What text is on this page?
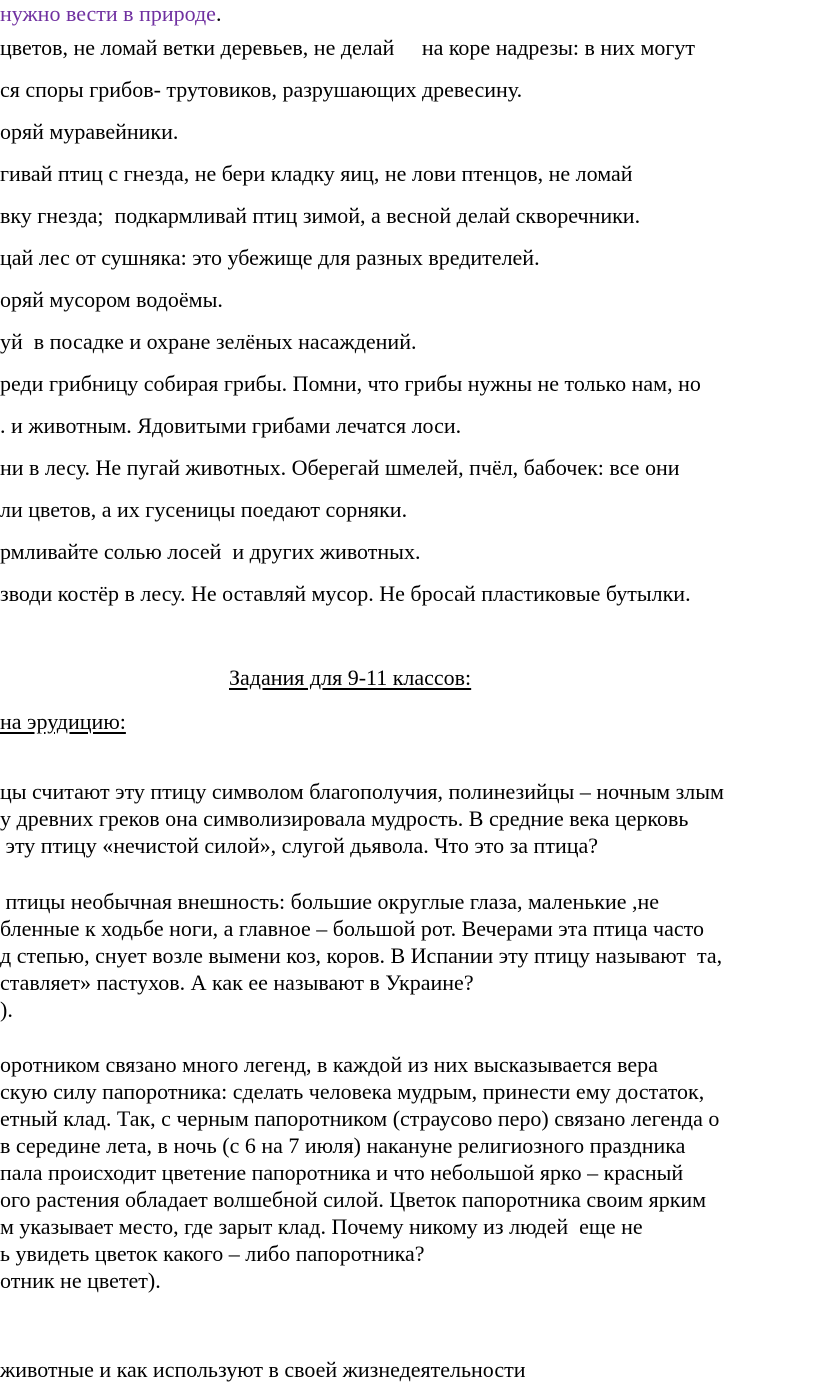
нужно вести в природе.

цветов, не ломай ветки деревьев, не делай     на коре надрезы: в них могут

ся споры грибов- трутовиков, разрушающих древесину.

оряй муравейники.

гивай птиц с гнезда, не бери кладку яиц, не лови птенцов, не ломай

вку гнезда;  подкармливай птиц зимой, а весной делай скворечники.

цай лес от сушняка: это убежище для разных вредителей.

оряй мусором водоёмы.

уй  в посадке и охране зелёных насаждений.

реди грибницу собирая грибы. Помни, что грибы нужны не только нам, но

. и животным. Ядовитыми грибами лечатся лоси.

ни в лесу. Не пугай животных. Оберегай шмелей, пчёл, бабочек: все они

ли цветов, а их гусеницы поедают сорняки.

рмливайте солью лосей  и других животных.

зводи костёр в лесу. Не оставляй мусор. Не бросай пластиковые бутылки.

Задания для 9-11 классов:

на эрудицию:

цы считают эту птицу символом благополучия, полинезийцы – ночным злым

у древних греков она символизировала мудрость. В средние века церковь

эту птицу «нечистой силой», слугой дьявола. Что это за птица?

птицы необычная внешность: большие округлые глаза, маленькие ,не

бленные к ходьбе ноги, а главное – большой рот. Вечерами эта птица часто

д степью, снует возле вымени коз, коров. В Испании эту птицу называют  та,

ставляет» пастухов. А как ее называют в Украине?

).

оротником связано много легенд, в каждой из них высказывается вера

скую силу папоротника: сделать человека мудрым, принести ему достаток,

етный клад. Так, с черным папоротником (страусово перо) связано легенда о

в середине лета, в ночь (с 6 на 7 июля) накануне религиозного праздника

пала происходит цветение папоротника и что небольшой ярко – красный

ого растения обладает волшебной силой. Цветок папоротника своим ярким

м указывает место, где зарыт клад. Почему никому из людей  еще не

ь увидеть цветок какого – либо папоротника?

отник не цветет).

животные и как используют в своей жизнедеятельности
